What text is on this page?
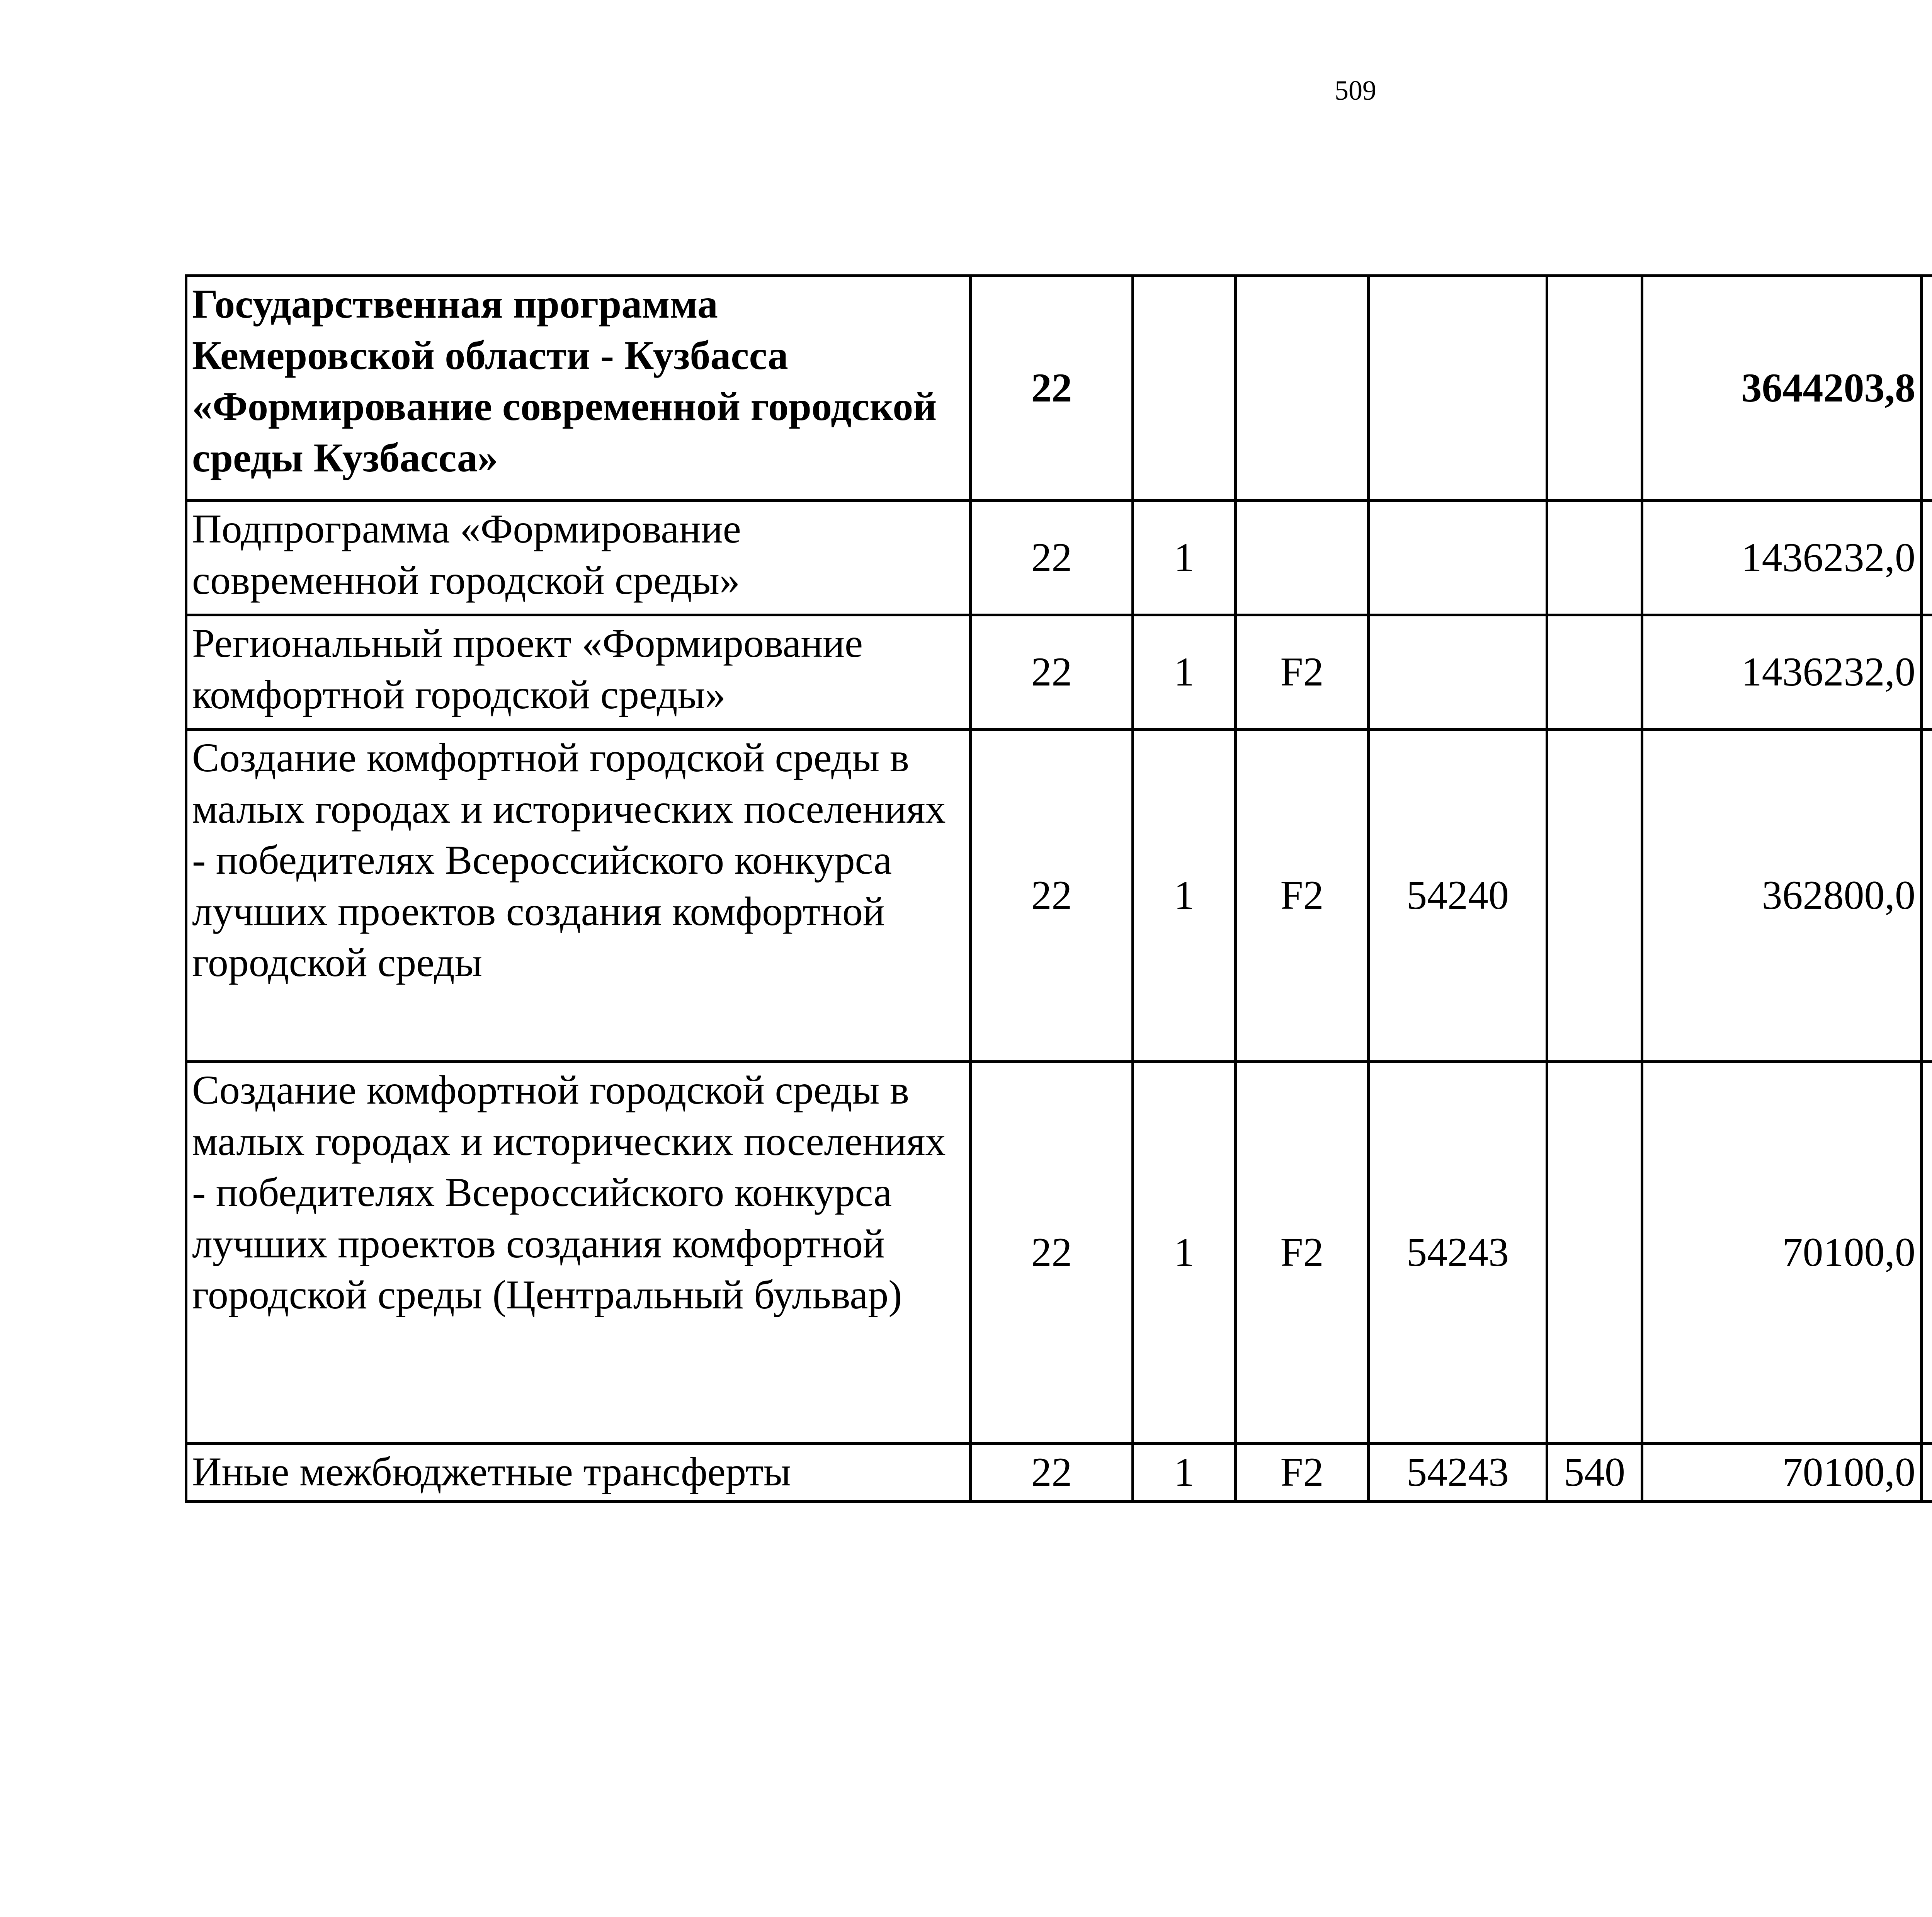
509
Государственная программа Кемеровской области - Кузбасса «Формирование современной городской среды Кузбасса»	22					3644203,8		
Подпрограмма «Формирование современной городской среды»	22	1				1436232,0		
Региональный проект «Формирование комфортной городской среды»	22	1	F2			1436232,0		
Создание комфортной городской среды в малых городах и исторических поселениях - победителях Всероссийского конкурса лучших проектов создания комфортной городской среды	22	1	F2	54240		362800,0		
Создание комфортной городской среды в малых городах и исторических поселениях - победителях Всероссийского конкурса лучших проектов создания комфортной городской среды (Центральный бульвар)	22	1	F2	54243		70100,0		
Иные межбюджетные трансферты	22	1	F2	54243	540	70100,0		
